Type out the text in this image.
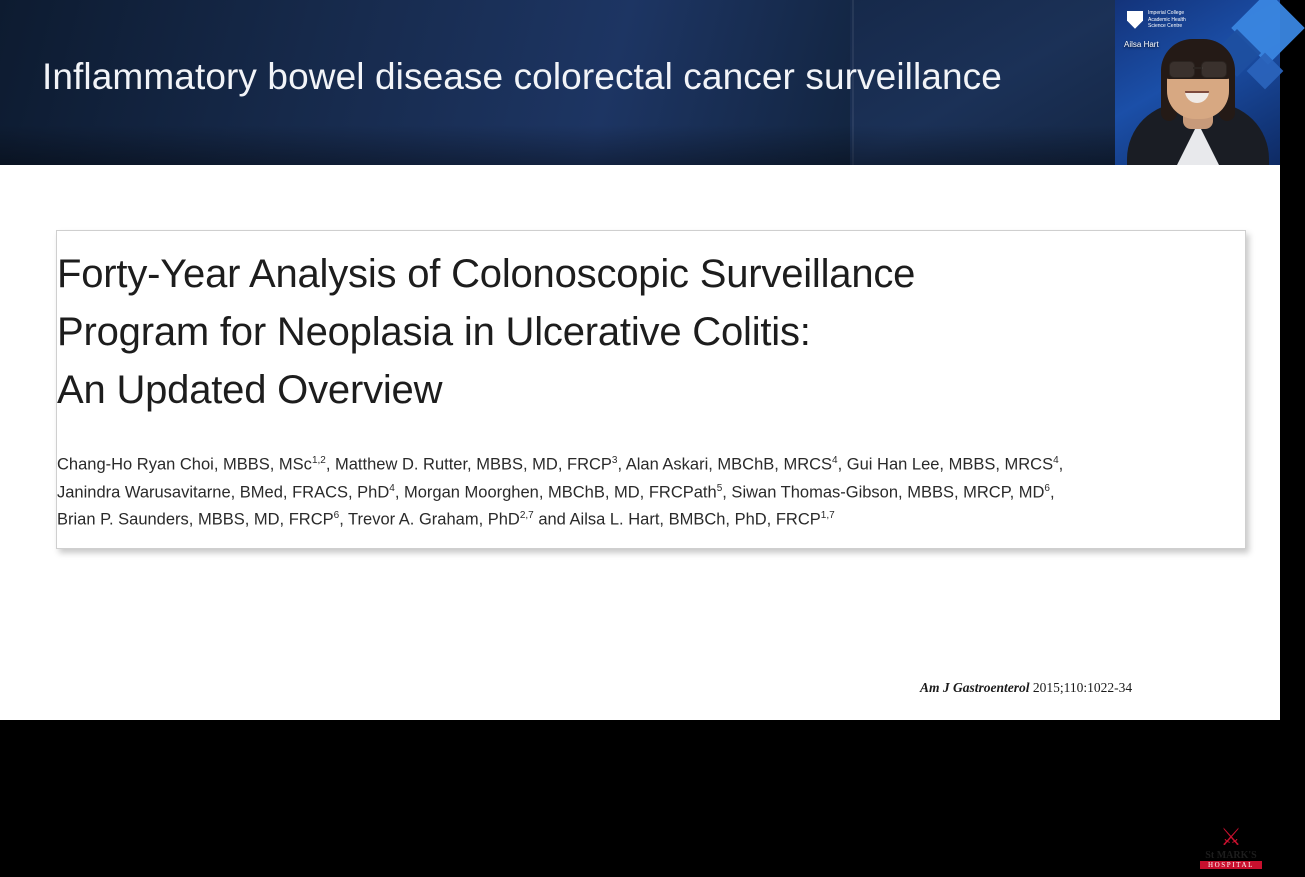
Inflammatory bowel disease colorectal cancer surveillance
Imperial College
Academic Health
Science Centre
Ailsa Hart
Forty-Year Analysis of Colonoscopic Surveillance
Program for Neoplasia in Ulcerative Colitis:
An Updated Overview
Chang-Ho Ryan Choi, MBBS, MSc$^{1,2}$, Matthew D. Rutter, MBBS, MD, FRCP$^3$, Alan Askari, MBChB, MRCS$^4$, Gui Han Lee, MBBS, MRCS$^4$,
Janindra Warusavitarne, BMed, FRACS, PhD$^4$, Morgan Moorghen, MBChB, MD, FRCPath$^5$, Siwan Thomas-Gibson, MBBS, MRCP, $MD^6$,
Brian P. Saunders, MBBS, MD, FRCP$^6$, Trevor A. Graham, PhD$^{2,7}$ and Ailsa L. Hart, BMBCh, PhD, FRCP$^{1,7}$
Am J Gastroenterol 2015;110:1022-34
⚔
St MARK'S
HOSPITAL
